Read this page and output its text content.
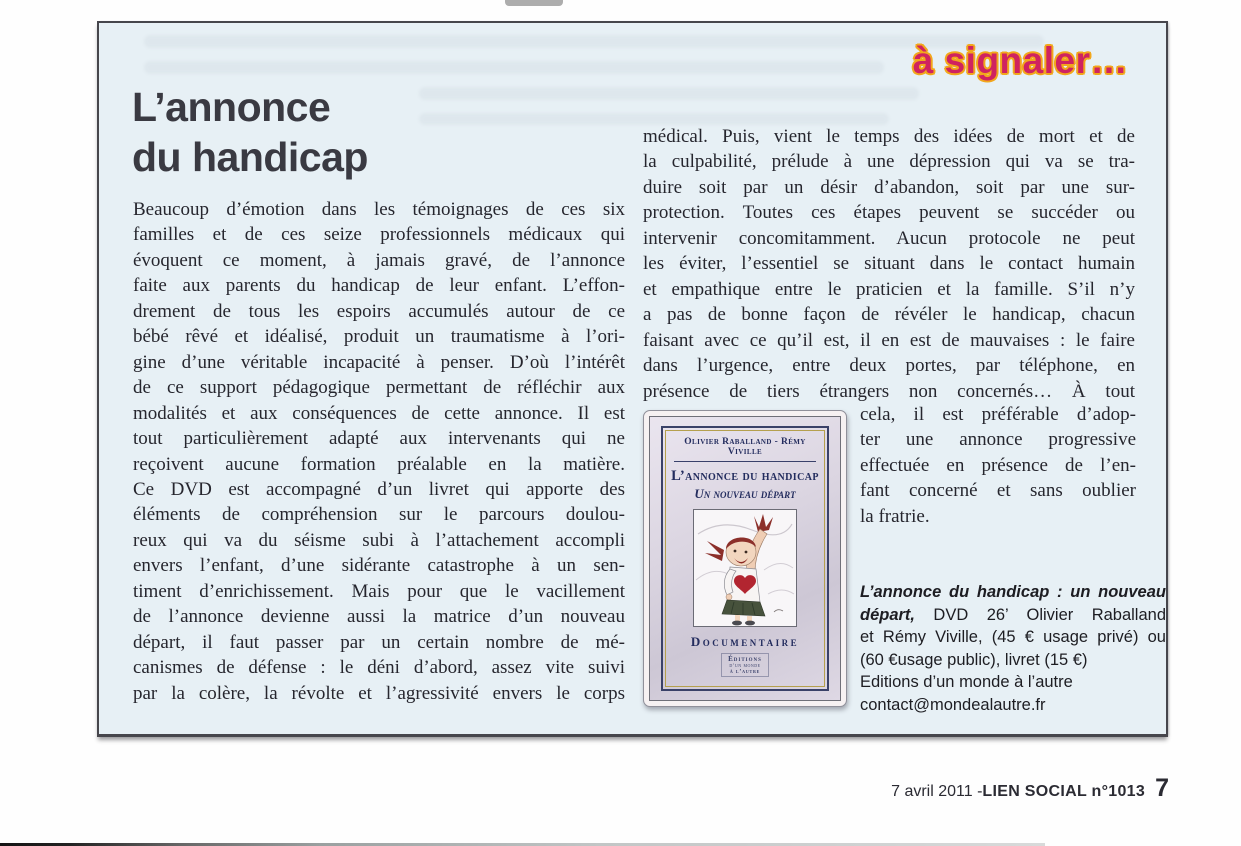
à signaler…
L’annonce
du handicap
Beaucoup d’émotion dans les témoignages de ces six
familles et de ces seize professionnels médicaux qui
évoquent ce moment, à jamais gravé, de l’annonce
faite aux parents du handicap de leur enfant. L’effon-
drement de tous les espoirs accumulés autour de ce
bébé rêvé et idéalisé, produit un traumatisme à l’ori-
gine d’une véritable incapacité à penser. D’où l’intérêt
de ce support pédagogique permettant de réfléchir aux
modalités et aux conséquences de cette annonce. Il est
tout particulièrement adapté aux intervenants qui ne
reçoivent aucune formation préalable en la matière.
Ce DVD est accompagné d’un livret qui apporte des
éléments de compréhension sur le parcours doulou-
reux qui va du séisme subi à l’attachement accompli
envers l’enfant, d’une sidérante catastrophe à un sen-
timent d’enrichissement. Mais pour que le vacillement
de l’annonce devienne aussi la matrice d’un nouveau
départ, il faut passer par un certain nombre de mé-
canismes de défense : le déni d’abord, assez vite suivi
par la colère, la révolte et l’agressivité envers le corps
médical. Puis, vient le temps des idées de mort et de
la culpabilité, prélude à une dépression qui va se tra-
duire soit par un désir d’abandon, soit par une sur-
protection. Toutes ces étapes peuvent se succéder ou
intervenir concomitamment. Aucun protocole ne peut
les éviter, l’essentiel se situant dans le contact humain
et empathique entre le praticien et la famille. S’il n’y
a pas de bonne façon de révéler le handicap, chacun
faisant avec ce qu’il est, il en est de mauvaises : le faire
dans l’urgence, entre deux portes, par téléphone, en
présence de tiers étrangers non concernés… À tout
cela, il est préférable d’adop-
ter une annonce progressive
effectuée en présence de l’en-
fant concerné et sans oublier
la fratrie.
Olivier Raballand - Rémy Viville
L’annonce du handicap
Un nouveau départ
Documentaire
Éditions
d’un monde
à l’autre
L’annonce du handicap : un nouveau
départ, DVD 26’ Olivier Raballand
et Rémy Viville, (45 € usage privé) ou
(60 €usage public), livret (15 €)
Editions d’un monde à l’autre
contact@mondealautre.fr
7 avril 2011 - LIEN SOCIAL n°1013 7
